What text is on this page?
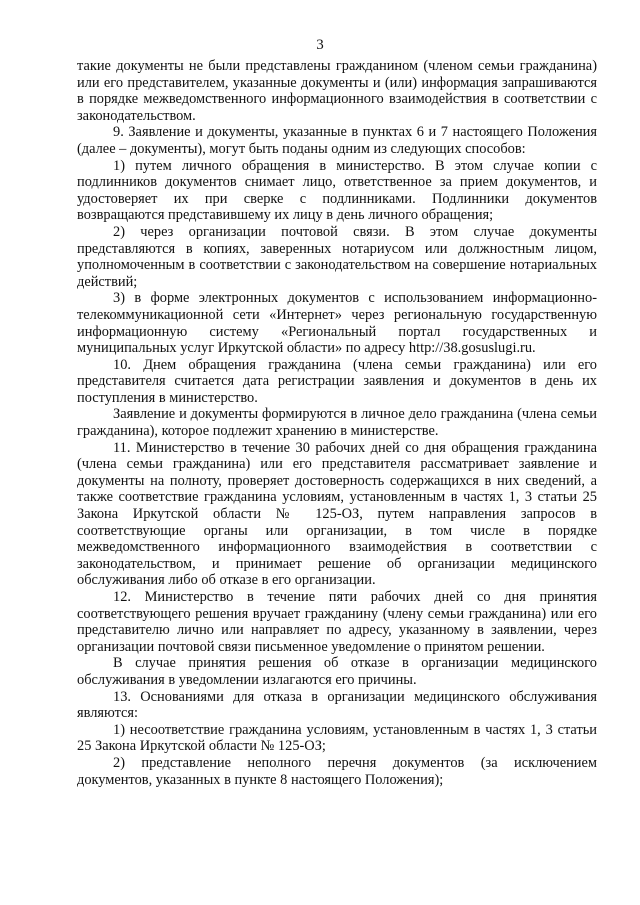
3

такие документы не были представлены гражданином (членом семьи гражданина) или его представителем, указанные документы и (или) информация запрашиваются в порядке межведомственного информационного взаимодействия в соответствии с законодательством.

9. Заявление и документы, указанные в пунктах 6 и 7 настоящего Положения (далее – документы), могут быть поданы одним из следующих способов:

1) путем личного обращения в министерство. В этом случае копии с подлинников документов снимает лицо, ответственное за прием документов, и удостоверяет их при сверке с подлинниками. Подлинники документов возвращаются представившему их лицу в день личного обращения;

2) через организации почтовой связи. В этом случае документы представляются в копиях, заверенных нотариусом или должностным лицом, уполномоченным в соответствии с законодательством на совершение нотариальных действий;

3) в форме электронных документов с использованием информационно-телекоммуникационной сети «Интернет» через региональную государственную информационную систему «Региональный портал государственных и муниципальных услуг Иркутской области» по адресу http://38.gosuslugi.ru.

10. Днем обращения гражданина (члена семьи гражданина) или его представителя считается дата регистрации заявления и документов в день их поступления в министерство.

Заявление и документы формируются в личное дело гражданина (члена семьи гражданина), которое подлежит хранению в министерстве.

11. Министерство в течение 30 рабочих дней со дня обращения гражданина (члена семьи гражданина) или его представителя рассматривает заявление и документы на полноту, проверяет достоверность содержащихся в них сведений, а также соответствие гражданина условиям, установленным в частях 1, 3 статьи 25 Закона Иркутской области № 125-ОЗ, путем направления запросов в соответствующие органы или организации, в том числе в порядке межведомственного информационного взаимодействия в соответствии с законодательством, и принимает решение об организации медицинского обслуживания либо об отказе в его организации.

12. Министерство в течение пяти рабочих дней со дня принятия соответствующего решения вручает гражданину (члену семьи гражданина) или его представителю лично или направляет по адресу, указанному в заявлении, через организации почтовой связи письменное уведомление о принятом решении.

В случае принятия решения об отказе в организации медицинского обслуживания в уведомлении излагаются его причины.

13. Основаниями для отказа в организации медицинского обслуживания являются:

1) несоответствие гражданина условиям, установленным в частях 1, 3 статьи 25 Закона Иркутской области № 125-ОЗ;

2) представление неполного перечня документов (за исключением документов, указанных в пункте 8 настоящего Положения);
